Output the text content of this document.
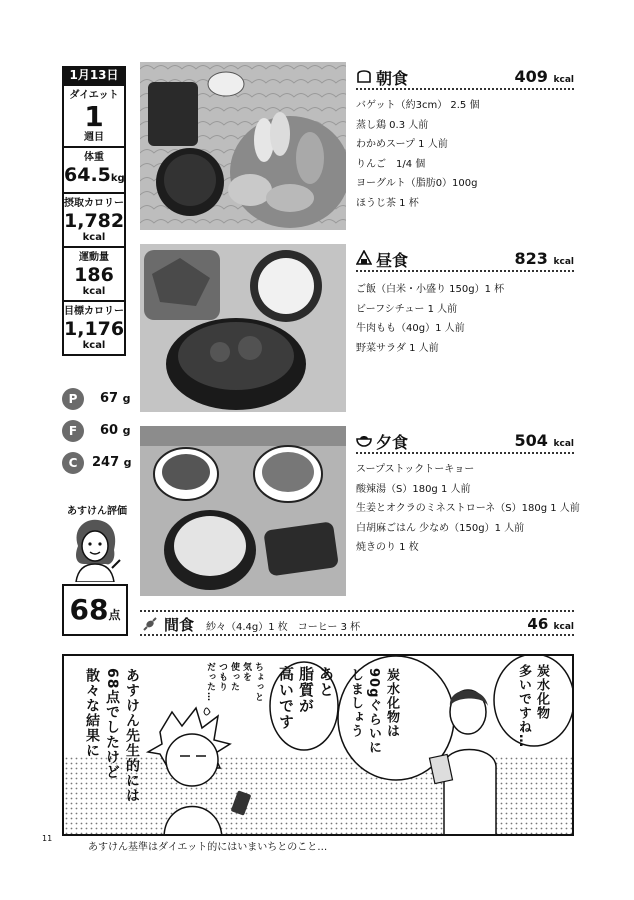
1月13日
ダイエット
1
週目
体重
64.5kg
摂取カロリー
1,782
kcal
運動量
186
kcal
目標カロリー
1,176
kcal
P	67 g
F	60 g
C	247 g
あすけん評価
68点
朝食	409 kcal
バゲット（約3cm） 2.5 個
蒸し鶏 0.3 人前
わかめスープ 1 人前
りんご　1/4 個
ヨーグルト（脂肪0）100g
ほうじ茶 1 杯
昼食	823 kcal
ご飯（白米・小盛り 150g）1 杯
ビーフシチュー 1 人前
牛肉もも（40g）1 人前
野菜サラダ 1 人前
夕食	504 kcal
スープストックトーキョー
酸辣湯（S）180g 1 人前
生姜とオクラのミネストローネ（S）180g 1 人前
白胡麻ごはん 少なめ（150g）1 人前
焼きのり 1 枚
間食 紗々（4.4g）1 枚　コーヒー 3 杯	46 kcal
炭水化物
多いですね…
炭水化物は
90gぐらいに
しましょう
あと
脂質が
高いです
ちょっと
気を
使った
つもり
だった…
あすけん先生的には
68点でしたけど
散々な結果に
11
あすけん基準はダイエット的にはいまいちとのこと…
